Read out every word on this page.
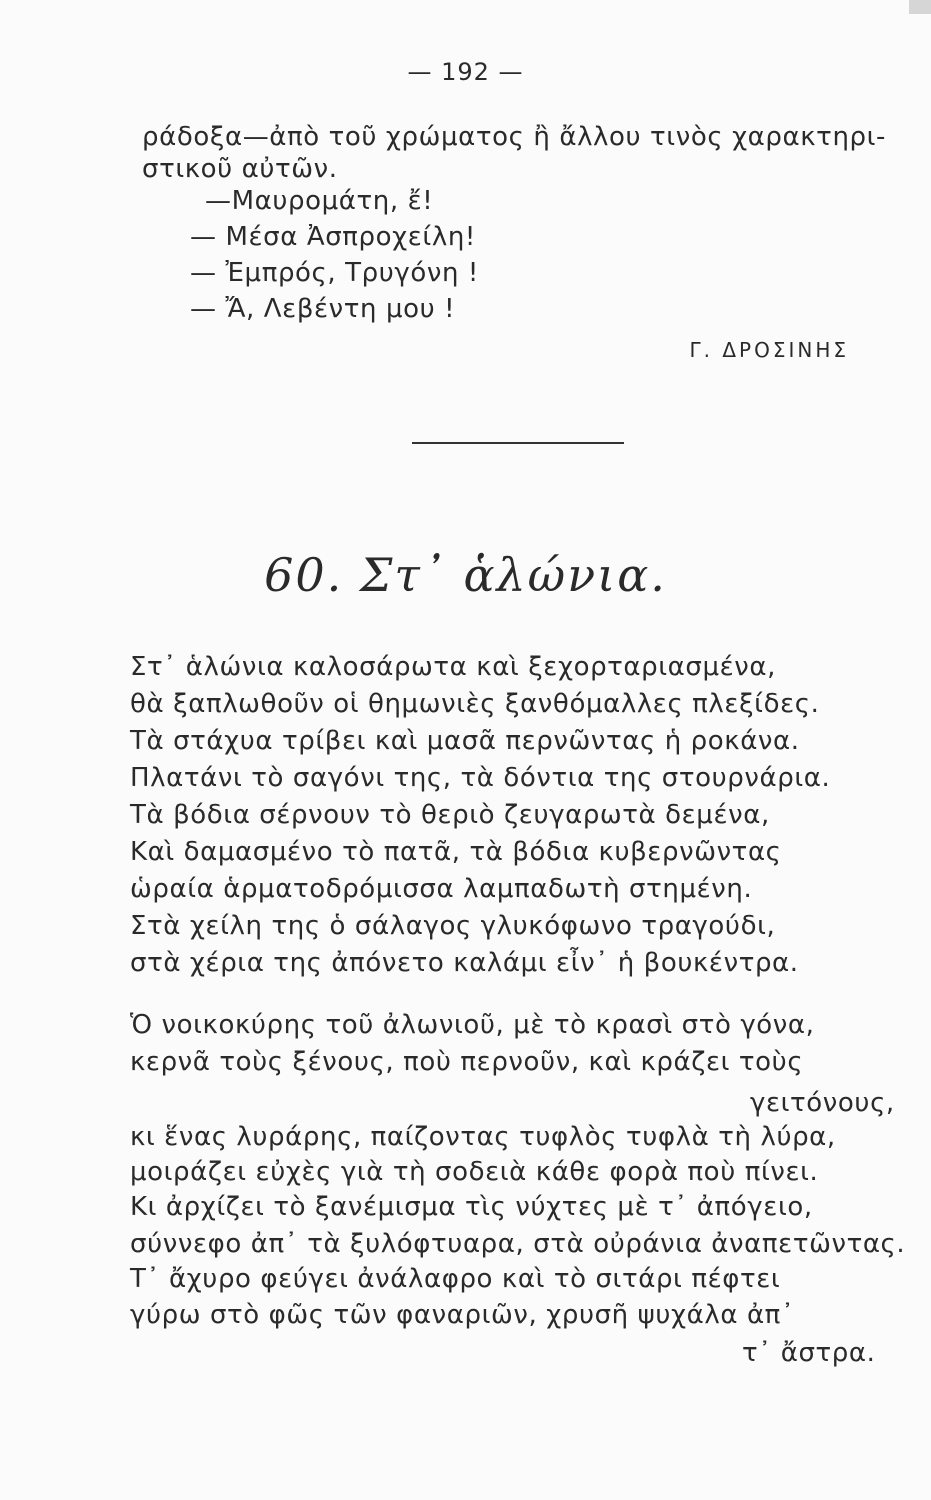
— 192 —
ράδοξα—ἀπὸ τοῦ χρώματος ἢ ἄλλου τινὸς χαρακτηρι-
στικοῦ αὐτῶν.
—Μαυρομάτη, ἔ!
— Μέσα Ἀσπροχείλη!
— Ἐμπρός, Τρυγόνη !
— Ἄ, Λεβέντη μου !
Γ. ΔΡΟΣΙΝΗΣ
60. Στ᾽ ἁλώνια.
Στ᾽ ἁλώνια καλοσάρωτα καὶ ξεχορταριασμένα,
θὰ ξαπλωθοῦν οἱ θημωνιὲς ξανθόμαλλες πλεξίδες.
Τὰ στάχυα τρίβει καὶ μασᾶ περνῶντας ἡ ροκάνα.
Πλατάνι τὸ σαγόνι της, τὰ δόντια της στουρνάρια.
Τὰ βόδια σέρνουν τὸ θεριὸ ζευγαρωτὰ δεμένα,
Καὶ δαμασμένο τὸ πατᾶ, τὰ βόδια κυβερνῶντας
ὡραία ἁρματοδρόμισσα λαμπαδωτὴ στημένη.
Στὰ χείλη της ὁ σάλαγος γλυκόφωνο τραγούδι,
στὰ χέρια της ἀπόνετο καλάμι εἶν᾽ ἡ βουκέντρα.
Ὁ νοικοκύρης τοῦ ἀλωνιοῦ, μὲ τὸ κρασὶ στὸ γόνα,
κερνᾶ τοὺς ξένους, ποὺ περνοῦν, καὶ κράζει τοὺς
γειτόνους,
κι ἕνας λυράρης, παίζοντας τυφλὸς τυφλὰ τὴ λύρα,
μοιράζει εὐχὲς γιὰ τὴ σοδειὰ κάθε φορὰ ποὺ πίνει.
Κι ἀρχίζει τὸ ξανέμισμα τὶς νύχτες μὲ τ᾽ ἀπόγειο,
σύννεφο ἀπ᾽ τὰ ξυλόφτυαρα, στὰ οὐράνια ἀναπετῶντας.
Τ᾽ ἄχυρο φεύγει ἀνάλαφρο καὶ τὸ σιτάρι πέφτει
γύρω στὸ φῶς τῶν φαναριῶν, χρυσῆ ψυχάλα ἀπ᾽
τ᾽ ἄστρα.
